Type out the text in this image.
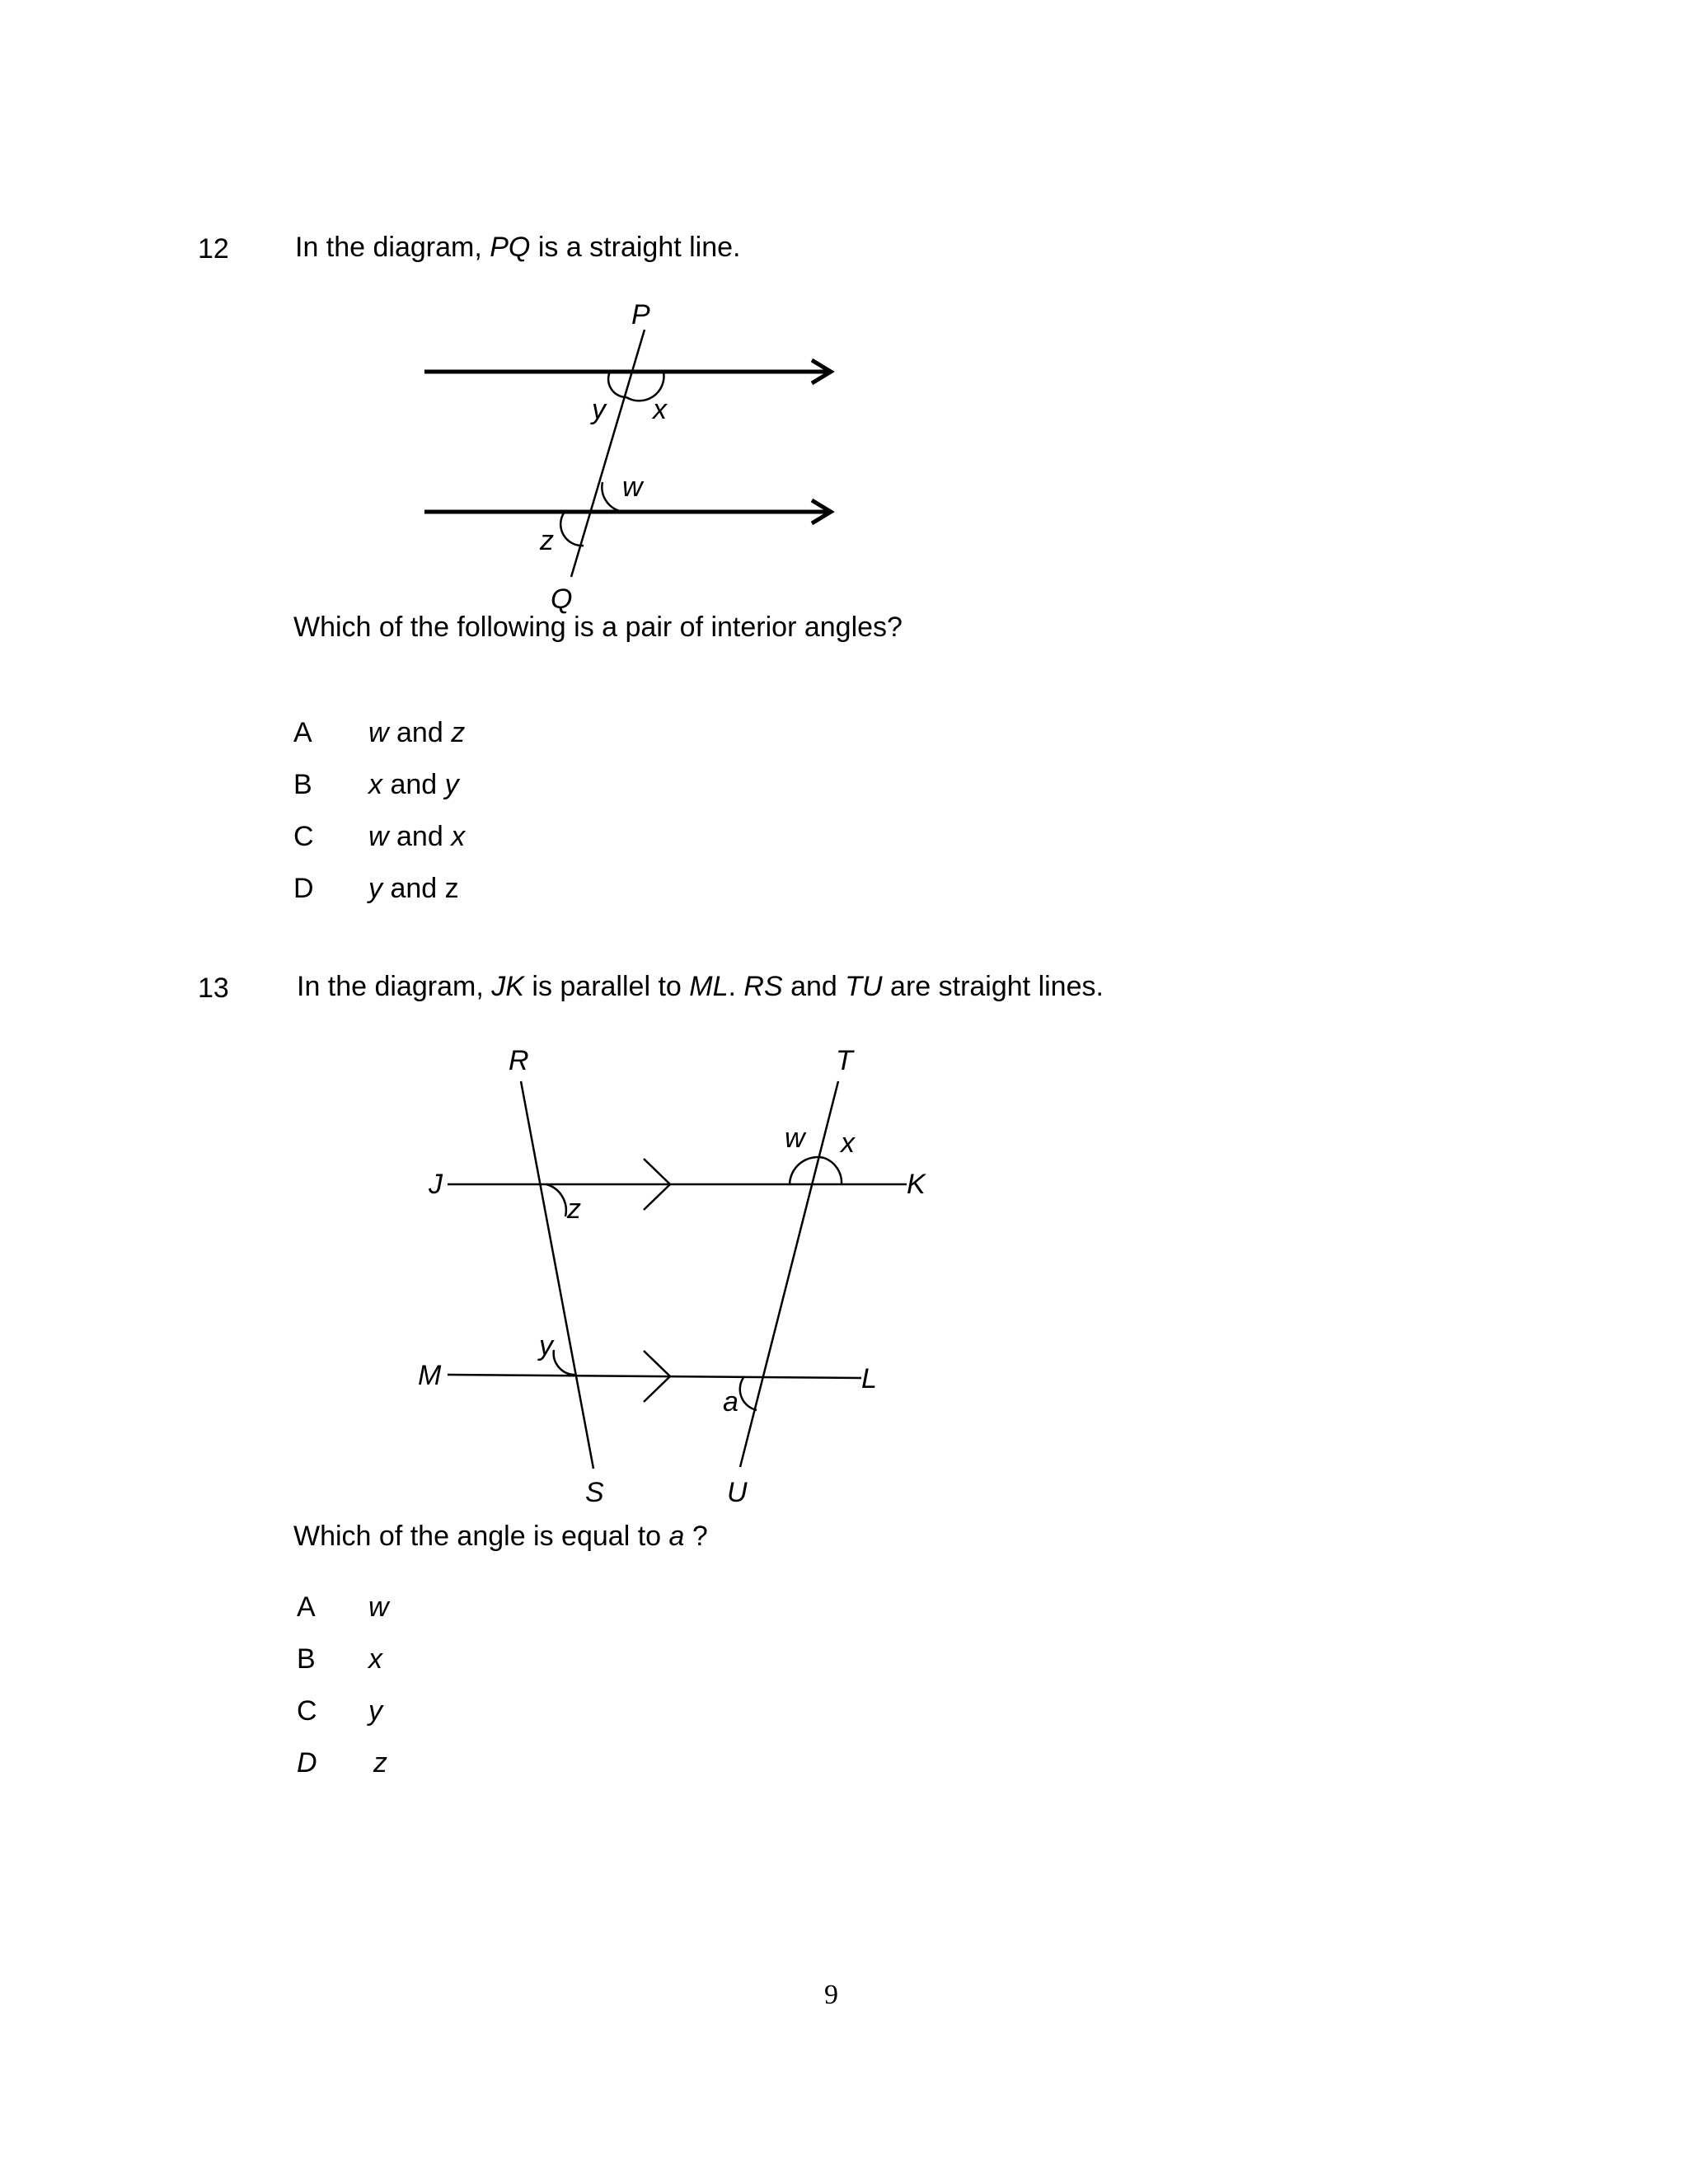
12 In the diagram, PQ is a straight line.
P
Q
y x
w
z
Which of the following is a pair of interior angles?
A w and z
B x and y
C w and x
D y and z
13 In the diagram, JK is parallel to ML. RS and TU are straight lines.
R	T
J	K
M	L
S	U
w x
z
y
a
Which of the angle is equal to a ?
A w
B x
C y
D z
9
